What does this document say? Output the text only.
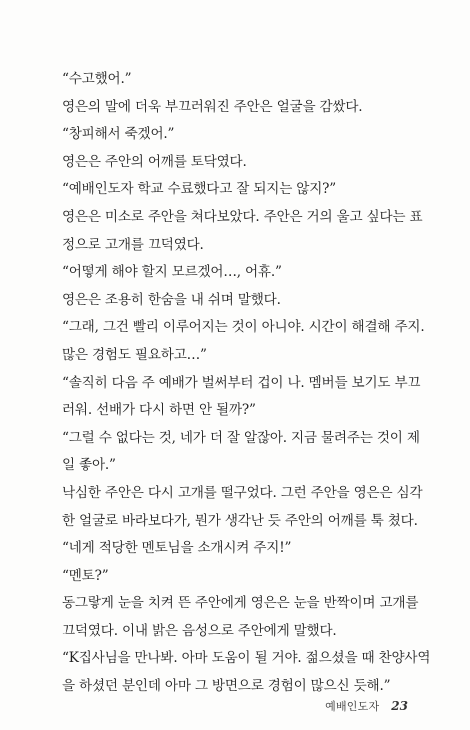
“수고했어.”

영은의 말에 더욱 부끄러워진 주안은 얼굴을 감쌌다.

“창피해서 죽겠어.”

영은은 주안의 어깨를 토닥였다.

“예배인도자 학교 수료했다고 잘 되지는 않지?”

영은은 미소로 주안을 쳐다보았다. 주안은 거의 울고 싶다는 표

정으로 고개를 끄덕였다.

“어떻게 해야 할지 모르겠어…, 어휴.”

영은은 조용히 한숨을 내 쉬며 말했다.

“그래, 그건 빨리 이루어지는 것이 아니야. 시간이 해결해 주지.

많은 경험도 필요하고…”

“솔직히 다음 주 예배가 벌써부터 겁이 나. 멤버들 보기도 부끄

러워. 선배가 다시 하면 안 될까?”

“그럴 수 없다는 것, 네가 더 잘 알잖아. 지금 물려주는 것이 제

일 좋아.”

낙심한 주안은 다시 고개를 떨구었다. 그런 주안을 영은은 심각

한 얼굴로 바라보다가, 뭔가 생각난 듯 주안의 어깨를 툭 쳤다.

“네게 적당한 멘토님을 소개시켜 주지!”

“멘토?”

동그랗게 눈을 치켜 뜬 주안에게 영은은 눈을 반짝이며 고개를

끄덕였다. 이내 밝은 음성으로 주안에게 말했다.

“K집사님을 만나봐. 아마 도움이 될 거야. 젊으셨을 때 찬양사역

을 하셨던 분인데 아마 그 방면으로 경험이 많으신 듯해.”

예배인도자 23
